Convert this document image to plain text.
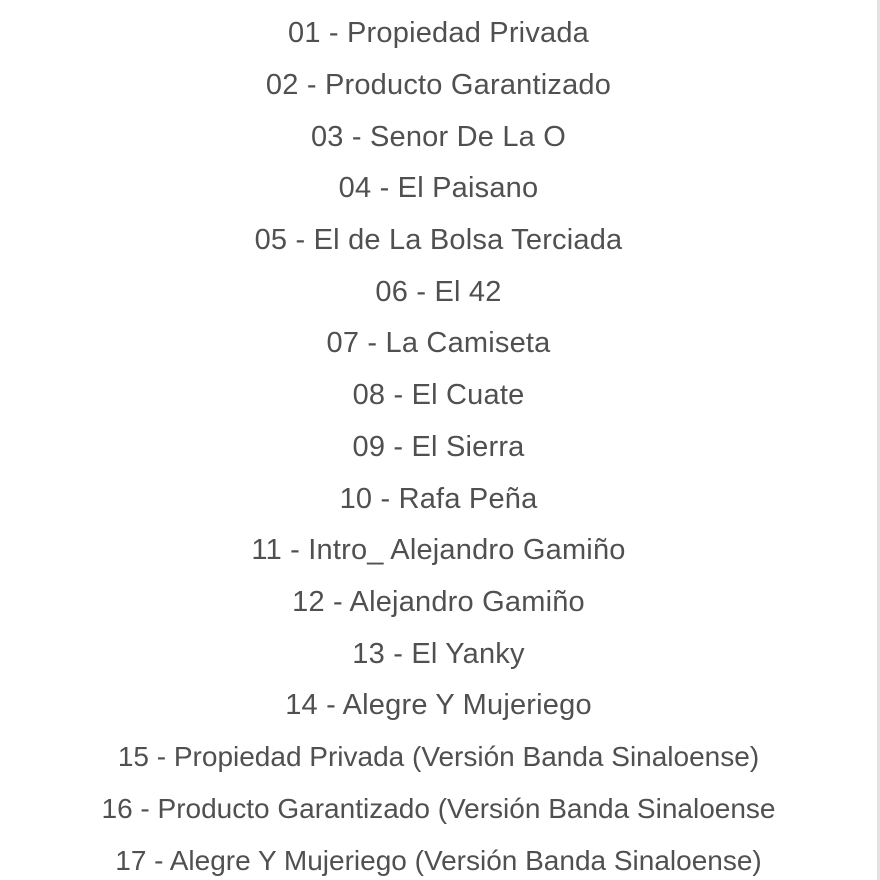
01 - Propiedad Privada
02 - Producto Garantizado
03 - Senor De La O
04 - El Paisano
05 - El de La Bolsa Terciada
06 - El 42
07 - La Camiseta
08 - El Cuate
09 - El Sierra
10 - Rafa Peña
11 - Intro_ Alejandro Gamiño
12 - Alejandro Gamiño
13 - El Yanky
14 - Alegre Y Mujeriego
15 - Propiedad Privada (Versión Banda Sinaloense)
16 - Producto Garantizado (Versión Banda Sinaloense
17 - Alegre Y Mujeriego (Versión Banda Sinaloense)
